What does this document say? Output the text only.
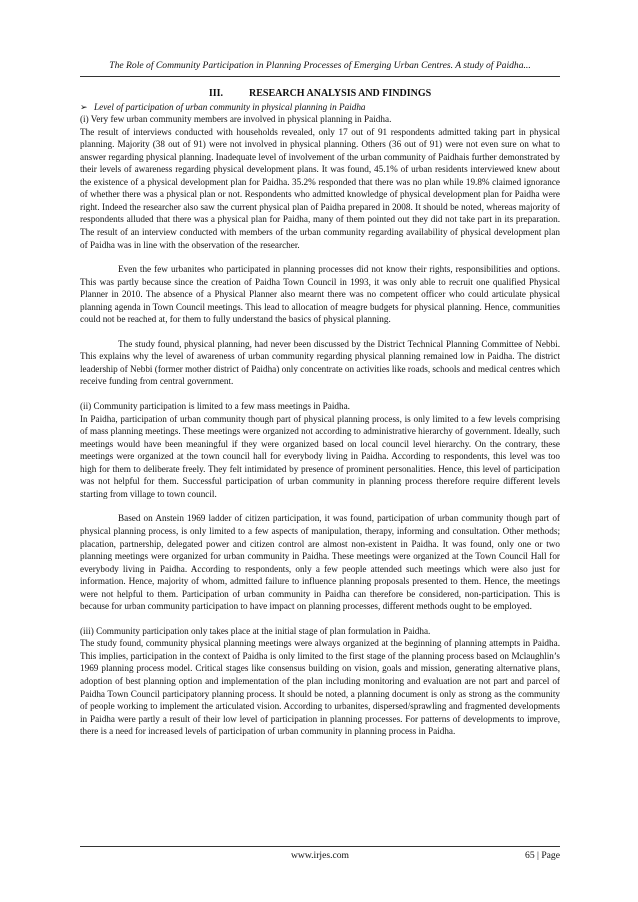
The Role of Community Participation in Planning Processes of Emerging Urban Centres. A study of Paidha...

III.	RESEARCH ANALYSIS AND FINDINGS

➢ Level of participation of urban community in physical planning in Paidha

(i) Very few urban community members are involved in physical planning in Paidha.

The result of interviews conducted with households revealed, only 17 out of 91 respondents admitted taking part in physical planning. Majority (38 out of 91) were not involved in physical planning. Others (36 out of 91) were not even sure on what to answer regarding physical planning. Inadequate level of involvement of the urban community of Paidhais further demonstrated by their levels of awareness regarding physical development plans. It was found, 45.1% of urban residents interviewed knew about the existence of a physical development plan for Paidha. 35.2% responded that there was no plan while 19.8% claimed ignorance of whether there was a physical plan or not. Respondents who admitted knowledge of physical development plan for Paidha were right. Indeed the researcher also saw the current physical plan of Paidha prepared in 2008. It should be noted, whereas majority of respondents alluded that there was a physical plan for Paidha, many of them pointed out they did not take part in its preparation. The result of an interview conducted with members of the urban community regarding availability of physical development plan of Paidha was in line with the observation of the researcher.

Even the few urbanites who participated in planning processes did not know their rights, responsibilities and options. This was partly because since the creation of Paidha Town Council in 1993, it was only able to recruit one qualified Physical Planner in 2010. The absence of a Physical Planner also mearnt there was no competent officer who could articulate physical planning agenda in Town Council meetings. This lead to allocation of meagre budgets for physical planning. Hence, communities could not be reached at, for them to fully understand the basics of physical planning.

The study found, physical planning, had never been discussed by the District Technical Planning Committee of Nebbi. This explains why the level of awareness of urban community regarding physical planning remained low in Paidha. The district leadership of Nebbi (former mother district of Paidha) only concentrate on activities like roads, schools and medical centres which receive funding from central government.

(ii) Community participation is limited to a few mass meetings in Paidha.

In Paidha, participation of urban community though part of physical planning process, is only limited to a few levels comprising of mass planning meetings. These meetings were organized not according to administrative hierarchy of government. Ideally, such meetings would have been meaningful if they were organized based on local council level hierarchy. On the contrary, these meetings were organized at the town council hall for everybody living in Paidha. According to respondents, this level was too high for them to deliberate freely. They felt intimidated by presence of prominent personalities. Hence, this level of participation was not helpful for them. Successful participation of urban community in planning process therefore require different levels starting from village to town council.

Based on Anstein 1969 ladder of citizen participation, it was found, participation of urban community though part of physical planning process, is only limited to a few aspects of manipulation, therapy, informing and consultation. Other methods; placation, partnership, delegated power and citizen control are almost non-existent in Paidha. It was found, only one or two planning meetings were organized for urban community in Paidha. These meetings were organized at the Town Council Hall for everybody living in Paidha. According to respondents, only a few people attended such meetings which were also just for information. Hence, majority of whom, admitted failure to influence planning proposals presented to them. Hence, the meetings were not helpful to them. Participation of urban community in Paidha can therefore be considered, non-participation. This is because for urban community participation to have impact on planning processes, different methods ought to be employed.

(iii) Community participation only takes place at the initial stage of plan formulation in Paidha.

The study found, community physical planning meetings were always organized at the beginning of planning attempts in Paidha. This implies, participation in the context of Paidha is only limited to the first stage of the planning process based on Mclaughlin’s 1969 planning process model. Critical stages like consensus building on vision, goals and mission, generating alternative plans, adoption of best planning option and implementation of the plan including monitoring and evaluation are not part and parcel of Paidha Town Council participatory planning process. It should be noted, a planning document is only as strong as the community of people working to implement the articulated vision. According to urbanites, dispersed/sprawling and fragmented developments in Paidha were partly a result of their low level of participation in planning processes. For patterns of developments to improve, there is a need for increased levels of participation of urban community in planning process in Paidha.

www.irjes.com	65 | Page
